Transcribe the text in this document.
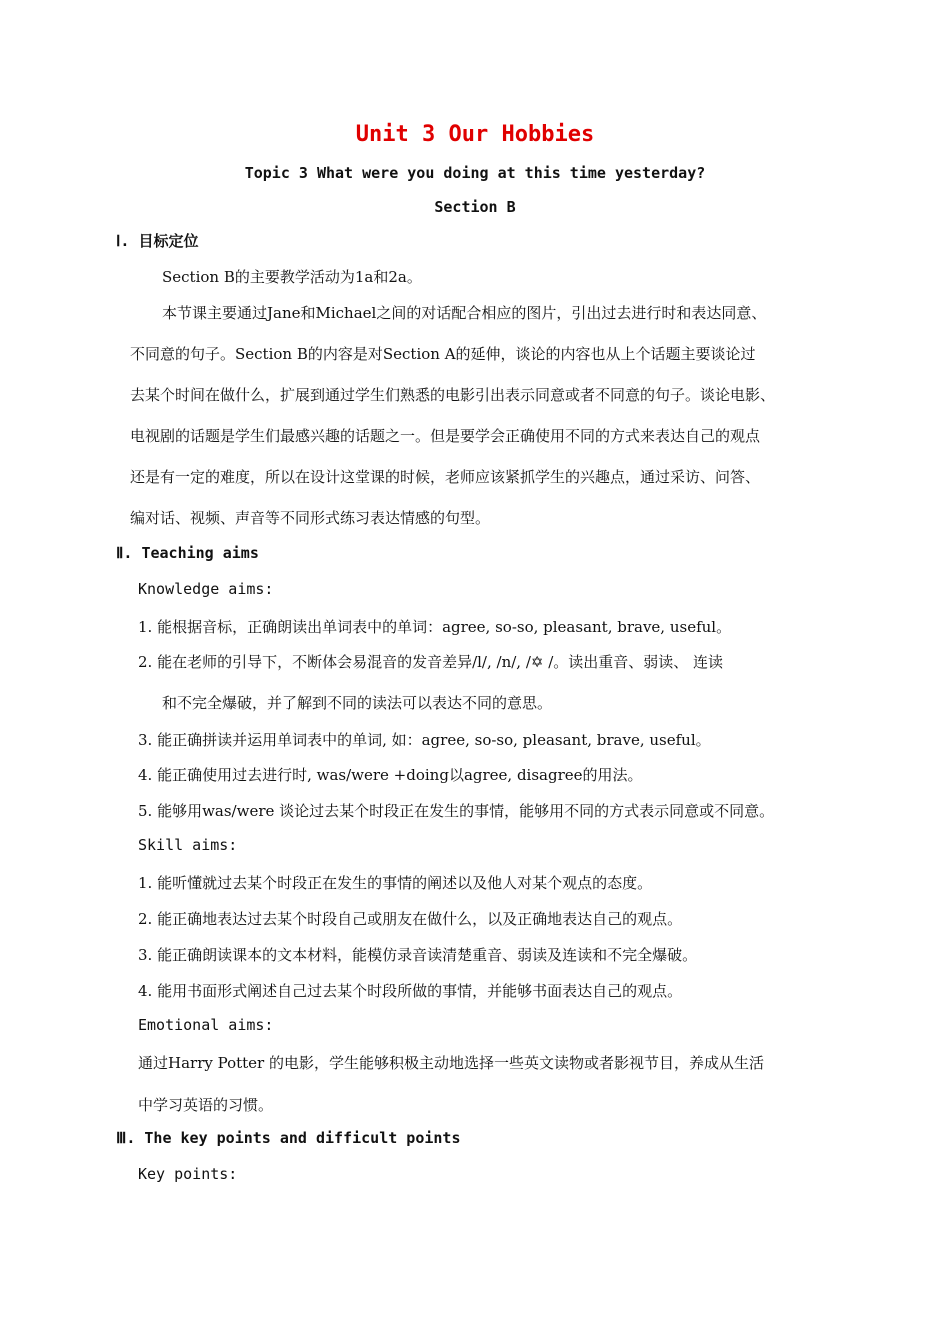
Unit 3 Our Hobbies
Topic 3 What were you doing at this time yesterday?
Section B
Ⅰ. 目标定位
Section B的主要教学活动为1a和2a。
本节课主要通过Jane和Michael之间的对话配合相应的图片，引出过去进行时和表达同意、
不同意的句子。Section B的内容是对Section A的延伸，谈论的内容也从上个话题主要谈论过
去某个时间在做什么，扩展到通过学生们熟悉的电影引出表示同意或者不同意的句子。谈论电影、
电视剧的话题是学生们最感兴趣的话题之一。但是要学会正确使用不同的方式来表达自己的观点
还是有一定的难度，所以在设计这堂课的时候，老师应该紧抓学生的兴趣点，通过采访、问答、
编对话、视频、声音等不同形式练习表达情感的句型。
Ⅱ. Teaching aims
Knowledge aims:
1. 能根据音标，正确朗读出单词表中的单词：agree, so-so, pleasant, brave, useful。
2. 能在老师的引导下，不断体会易混音的发音差异/l/, /n/, /✡ /。读出重音、弱读、 连读
和不完全爆破，并了解到不同的读法可以表达不同的意思。
3. 能正确拼读并运用单词表中的单词, 如：agree, so-so, pleasant, brave, useful。
4. 能正确使用过去进行时, was/were +doing以agree, disagree的用法。
5. 能够用was/were 谈论过去某个时段正在发生的事情，能够用不同的方式表示同意或不同意。
Skill aims:
1. 能听懂就过去某个时段正在发生的事情的阐述以及他人对某个观点的态度。
2. 能正确地表达过去某个时段自己或朋友在做什么，以及正确地表达自己的观点。
3. 能正确朗读课本的文本材料，能模仿录音读清楚重音、弱读及连读和不完全爆破。
4. 能用书面形式阐述自己过去某个时段所做的事情，并能够书面表达自己的观点。
Emotional aims:
通过Harry Potter 的电影，学生能够积极主动地选择一些英文读物或者影视节目，养成从生活
中学习英语的习惯。
Ⅲ. The key points and difficult points
Key points:
